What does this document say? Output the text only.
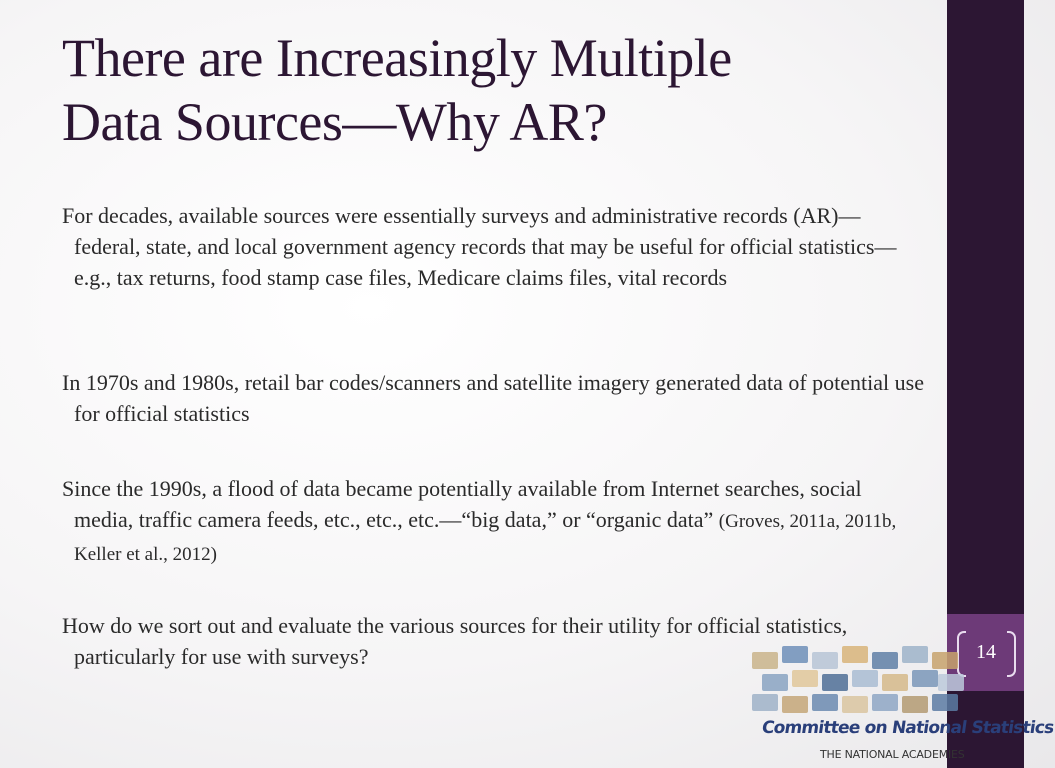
14
There are Increasingly Multiple
Data Sources—Why AR?

For decades, available sources were essentially surveys and administrative records (AR)—federal, state, and local government agency records that may be useful for official statistics—e.g., tax returns, food stamp case files, Medicare claims files, vital records

In 1970s and 1980s, retail bar codes/scanners and satellite imagery generated data of potential use for official statistics

Since the 1990s, a flood of data became potentially available from Internet searches, social media, traffic camera feeds, etc., etc., etc.—“big data,” or “organic data” (Groves, 2011a, 2011b, Keller et al., 2012)

How do we sort out and evaluate the various sources for their utility for official statistics, particularly for use with surveys?

Committee on National Statistics
THE NATIONAL ACADEMIES
